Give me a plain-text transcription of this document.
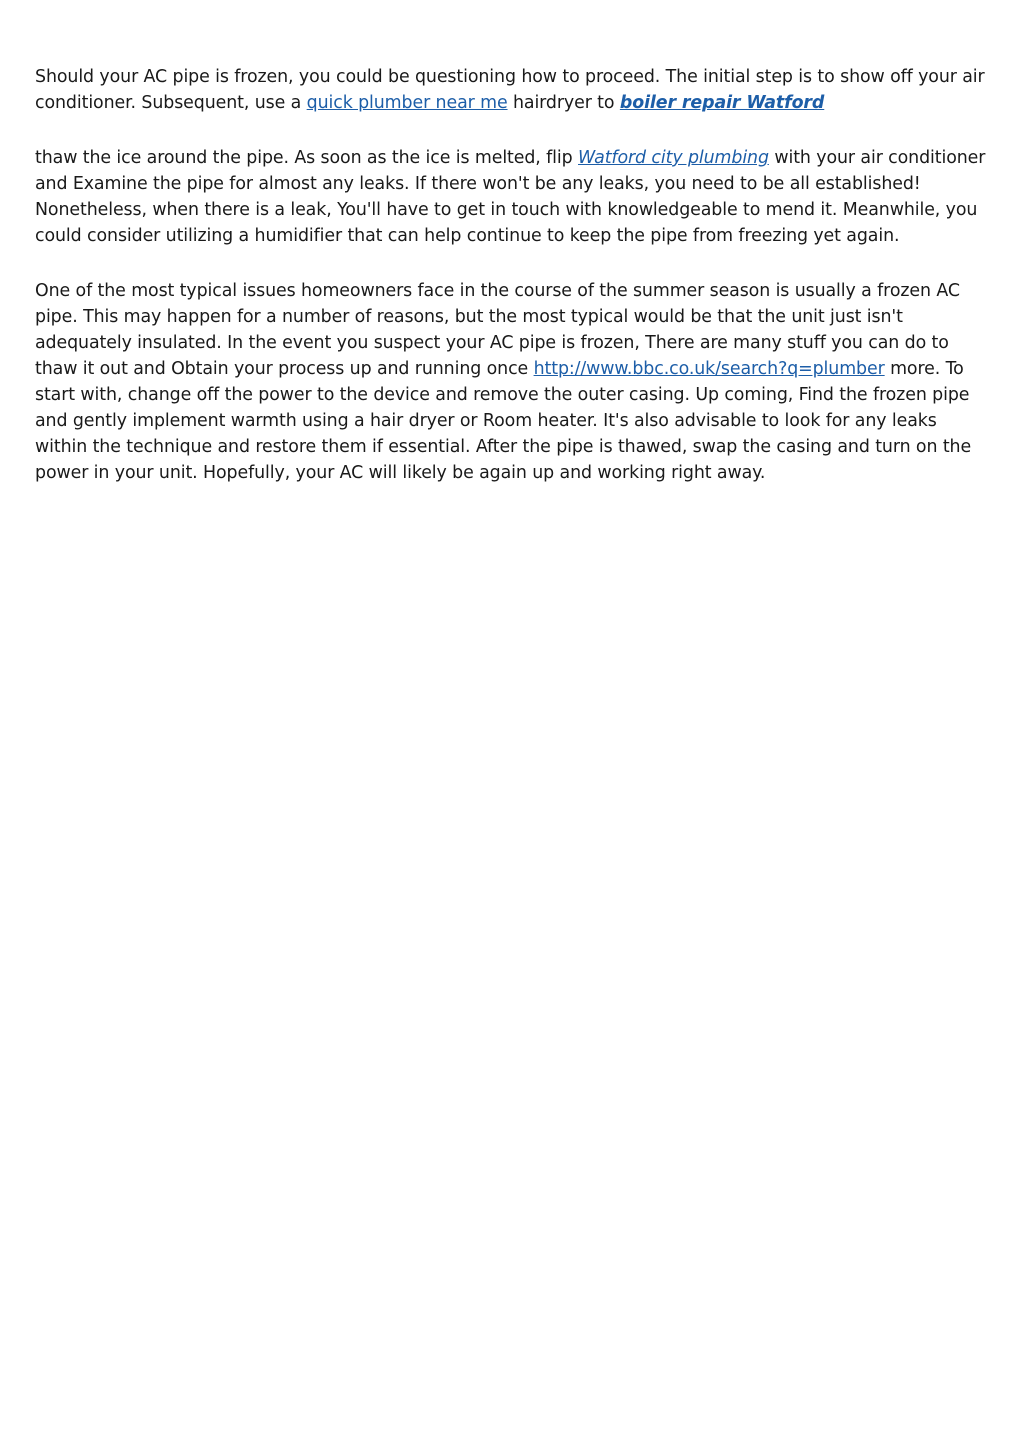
Should your AC pipe is frozen, you could be questioning how to proceed. The initial step is to show off your air conditioner. Subsequent, use a quick plumber near me hairdryer to boiler repair Watford

thaw the ice around the pipe. As soon as the ice is melted, flip Watford city plumbing with your air conditioner and Examine the pipe for almost any leaks. If there won't be any leaks, you need to be all established! Nonetheless, when there is a leak, You'll have to get in touch with knowledgeable to mend it. Meanwhile, you could consider utilizing a humidifier that can help continue to keep the pipe from freezing yet again.

One of the most typical issues homeowners face in the course of the summer season is usually a frozen AC pipe. This may happen for a number of reasons, but the most typical would be that the unit just isn't adequately insulated. In the event you suspect your AC pipe is frozen, There are many stuff you can do to thaw it out and Obtain your process up and running once http://www.bbc.co.uk/search?q=plumber more. To start with, change off the power to the device and remove the outer casing. Up coming, Find the frozen pipe and gently implement warmth using a hair dryer or Room heater. It's also advisable to look for any leaks within the technique and restore them if essential. After the pipe is thawed, swap the casing and turn on the power in your unit. Hopefully, your AC will likely be again up and working right away.
